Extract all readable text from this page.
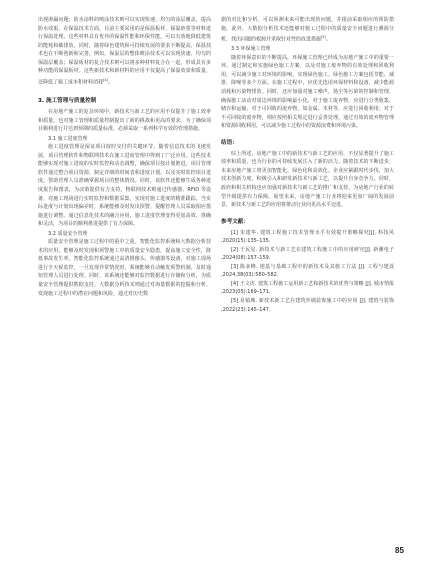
出现渗漏问题；防水涂料的喷涂技术则可以实现快速、均匀的涂层覆盖，提高防水效果。在保温技术方面，目前主要采用的是保温板材、保温砂浆等材料进行保温处理。这些材料具有优异的保温性能和环保性能，可以有效地降低建筑的能耗和碳排放。同时，随着绿色建筑和可持续发展的要求不断提高，保温技术也在不断创新和完善。例如，保温层的整体喷涂技术可以实现快速、均匀的保温层覆盖；保温板材的复合技术则可以将多种材料复合在一起，形成具有多种功能的保温板材。这些新技术和新材料的应用不仅提高了保温效果和质量，还降低了施工成本和材料消耗[4]。

3. 施工管理与质量控制

在房地产施工的复杂环境中，新技术与新工艺的应用不仅提升了施工效率和质量，也对施工管理和质量控制提出了新的挑战和更高的要求。为了确保项目顺利进行并达到预期的质量标准，必须采取一系列科学有效的管理措施。

3.1 施工进度管理

施工进度管理是保证项目按时交付的关键环节。随着信息技术的飞速发展，项目管理软件和物联网技术在施工进度管理中得到了广泛应用。这些技术能够实现对施工进度的实时监控和动态调整，确保项目按计划推进。项目管理软件通过整合项目资源、制定详细的时间表和进度计划，以及实时监控项目进度，帮助管理人员准确掌握项目的整体情况。同时，该软件还能够生成各种进度报告和图表，为决策提供有力支持。物联网技术则通过传感器、RFID 等设备，对施工现场进行实时监控和数据采集，实现对施工进度的精准跟踪。当实际进度与计划出现偏差时，系统能够及时发出预警，提醒管理人员采取相应措施进行调整。通过信息化技术的融合应用，施工进度管理变得更加高效、准确和灵活，为项目的顺利推进提供了有力保障。

3.2 质量安全管理

质量安全管理是施工过程中的重中之重。智能化监控系统和大数据分析技术的应用，能够及时发现和预警施工中的质量安全隐患，提高施工安全性，降低事故发生率。智能化监控系统通过高清摄像头、传感器等设备，对施工现场进行全天候监控，一旦发现异常情况时，系统能够自动触发预警机制，及时通知管理人员进行处理。同时，该系统还能够对监控数据进行存储和分析，为质量安全管理提供数据支持。大数据分析技术则通过对海量数据的挖掘和分析，发现施工过程中的潜在问题和风险，通过对历史数

据的对比和分析，可以预测未来可能出现的问题，并提前采取相应的预防措施。此外，大数据分析技术还能够对施工过程中的质量安全问题进行溯源分析，找出问题的根源并采取针对性的改进措施[5]。

3.3 环保施工管理

随着环保意识的不断提高，环保施工管理已经成为房地产施工中的重要一环。通过制定和实施绿色施工方案，以及对施工废弃物的有效处理和回收利用，可以减少施工对环境的影响，实现绿色施工。绿色施工方案包括节能、减排、降噪等多个方面。在施工过程中，应优先选用环保材料和设备，减少能源消耗和污染物排放。同时，还应加强对施工噪声、扬尘等污染的控制和管理，确保施工活动对周边环境的影响最小化。对于施工废弃物，应进行分类收集、储存和运输，对于可回收的废弃物，如金属、木材等，应进行回收利用；对于不可回收的废弃物，则应按照相关规定进行妥善处理。通过有效的废弃物管理和资源回收利用，可以减少施工过程中的资源浪费和环境污染。

结语：

综上所述，房地产施工中的新技术与新工艺的应用，不仅显著提升了施工效率和质量，也为行业的可持续发展注入了新的活力。随着技术的不断进步，未来房地产施工将更加智能化、绿色化和高效化。企业应紧跟时代步伐，加大技术创新力度，积极引入和研发新技术与新工艺，以提升自身竞争力。同时，政府和相关机构也应加强对新技术与新工艺的推广和支持，为房地产行业的转型升级提供有力保障。展望未来，房地产施工行业将迎来更加广阔的发展前景，新技术与新工艺的应用将推动行业向更高水平迈进。

参考文献：

[1] 朱建华. 建筑工程施工技术管理水平有效提升策略探究[J]. 科技风 ,2020(15):135–135.

[2] 于民星. 新技术与新工艺在建筑工程施工中的应用研究[J]. 新潮电子 ,2024(08):157–159.

[3] 陈多峰. 地基与基础工程中的新技术及其施工方法 [J]. 工程与建设 ,2024,38(03):580–582.

[4] 王文虎. 建筑工程施工运用新工艺和新技术的优势与策略 [J]. 城市情报 ,2023(05):169–171.

[5] 易镇城. 新技术新工艺在建筑外墙装饰施工中的应用 [J]. 建筑与装饰 ,2022(23):145–147.

85
